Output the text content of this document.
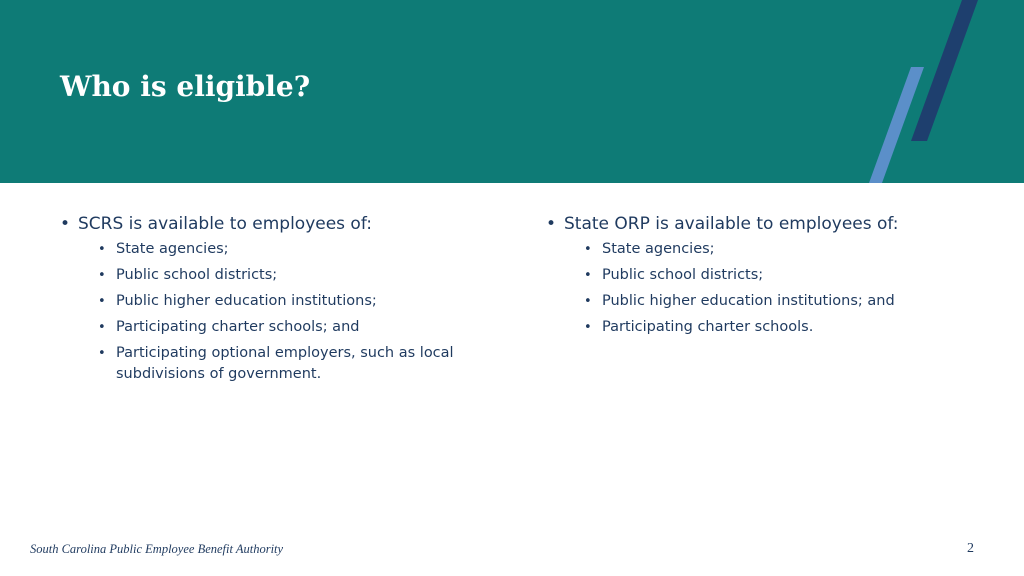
Who is eligible?
• SCRS is available to employees of:
• State agencies;
• Public school districts;
• Public higher education institutions;
• Participating charter schools; and
• Participating optional employers, such as local subdivisions of government.
• State ORP is available to employees of:
• State agencies;
• Public school districts;
• Public higher education institutions; and
• Participating charter schools.
South Carolina Public Employee Benefit Authority	2
